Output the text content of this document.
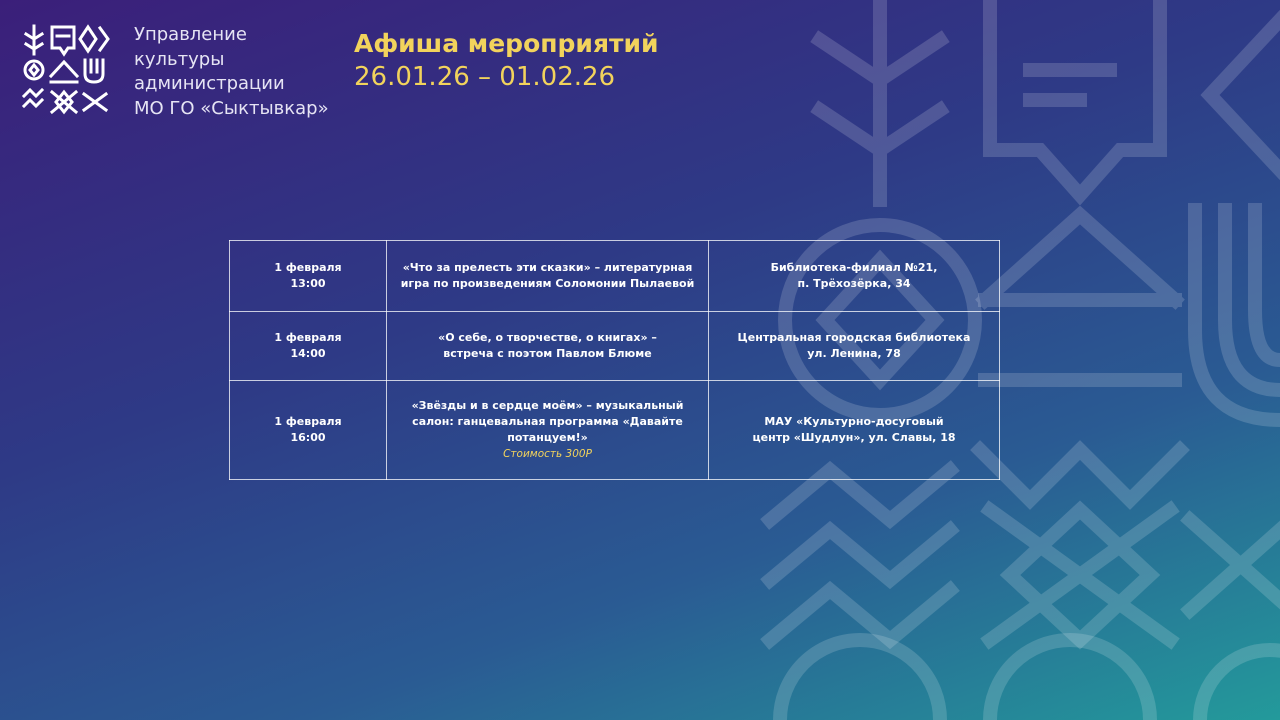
Управление
культуры
администрации
МО ГО «Сыктывкар»
Афиша мероприятий
26.01.26 – 01.02.26
1 февраля
13:00	«Что за прелесть эти сказки» – литературная
игра по произведениям Соломонии Пылаевой	Библиотека-филиал №21,
п. Трёхозёрка, 34

1 февраля
14:00	«О себе, о творчестве, о книгах» –
встреча с поэтом Павлом Блюме	Центральная городская библиотека
ул. Ленина, 78

1 февраля
16:00	«Звёзды и в сердце моём» – музыкальный
салон: ганцевальная программа «Давайте
потанцуем!»
Стоимость 300Р	МАУ «Культурно-досуговый
центр «Шудлун», ул. Славы, 18
